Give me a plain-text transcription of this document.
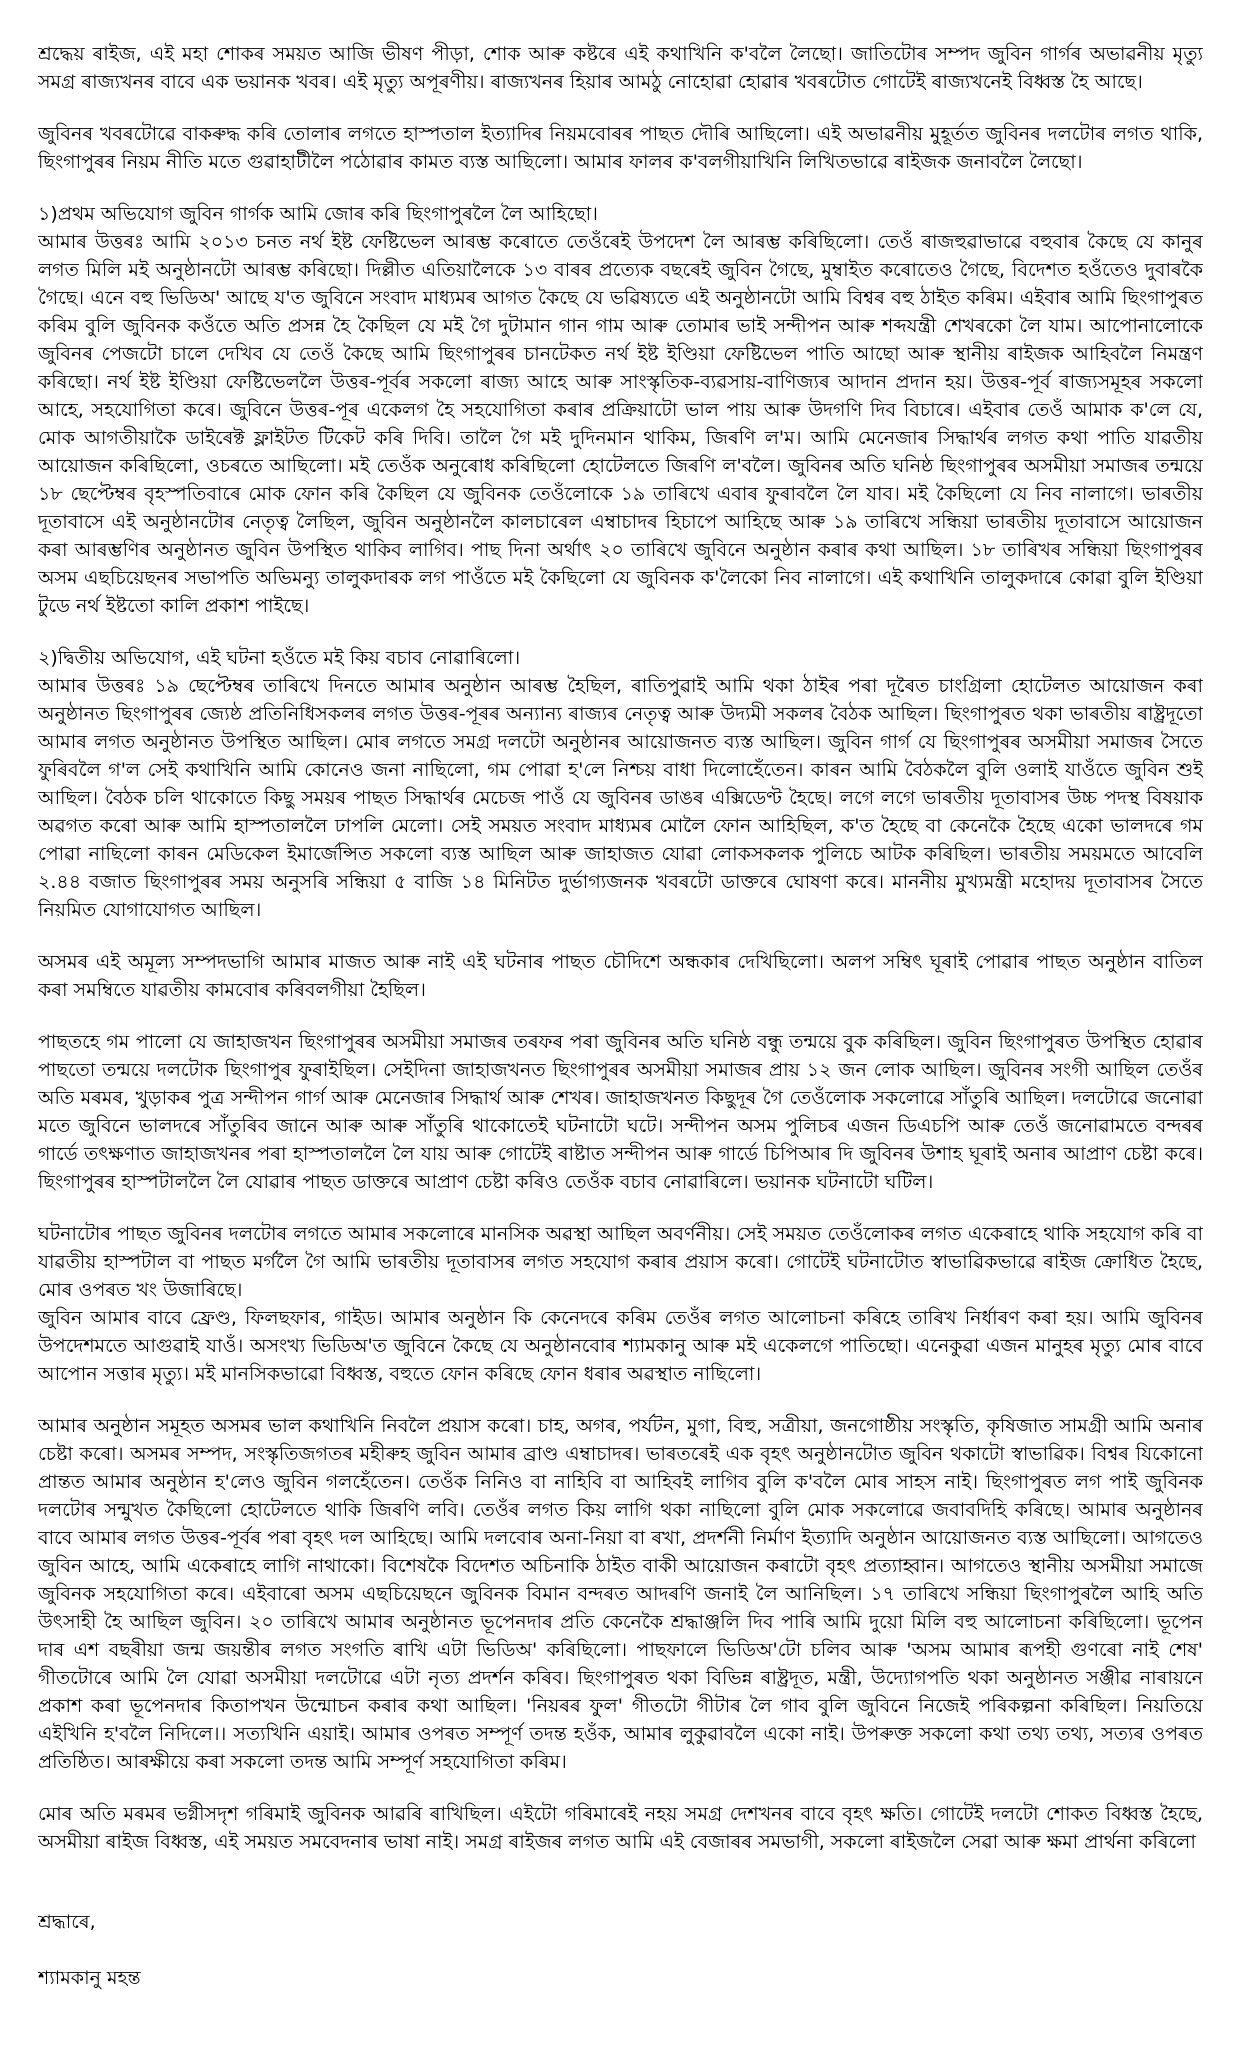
শ্ৰদ্ধেয় ৰাইজ, এই মহা শোকৰ সময়ত আজি ভীষণ পীড়া, শোক আৰু কষ্টৰে এই কথাখিনি ক'বলৈ লৈছো। জাতিটোৰ সম্পদ জুবিন গাৰ্গৰ অভাৱনীয় মৃত্যু সমগ্ৰ ৰাজ্যখনৰ বাবে এক ভয়ানক খবৰ। এই মৃত্যু অপূৰণীয়। ৰাজ্যখনৰ হিয়াৰ আমঠু নোহোৱা হোৱাৰ খবৰটোত গোটেই ৰাজ্যখনেই বিধ্বস্ত হৈ আছে।

জুবিনৰ খবৰটোৱে বাকৰুদ্ধ কৰি তোলাৰ লগতে হাস্পতাল ইত্যাদিৰ নিয়মবোৰৰ পাছত দৌৰি আছিলো। এই অভাৱনীয় মুহূৰ্তত জুবিনৰ দলটোৰ লগত থাকি, ছিংগাপুৰৰ নিয়ম নীতি মতে গুৱাহাটীলৈ পঠোৱাৰ কামত ব্যস্ত আছিলো। আমাৰ ফালৰ ক'বলগীয়াখিনি লিখিতভাৱে ৰাইজক জনাবলৈ লৈছো।

১)প্ৰথম অভিযোগ জুবিন গাৰ্গক আমি জোৰ কৰি ছিংগাপুৰলৈ লৈ আহিছো।
আমাৰ উত্তৰঃ আমি ২০১৩ চনত নৰ্থ ইষ্ট ফেষ্টিভেল আৰম্ভ কৰোতে তেওঁৰেই উপদেশ লৈ আৰম্ভ কৰিছিলো। তেওঁ ৰাজহুৱাভাৱে বহুবাৰ কৈছে যে কানুৰ লগত মিলি মই অনুষ্ঠানটো আৰম্ভ কৰিছো। দিল্লীত এতিয়ালৈকে ১৩ বাৰৰ প্ৰত্যেক বছৰেই জুবিন গৈছে, মুম্বাইত কৰোতেও গৈছে, বিদেশত হওঁতেও দুবাৰকৈ গৈছে। এনে বহু ভিডিঅ' আছে য'ত জুবিনে সংবাদ মাধ্যমৰ আগত কৈছে যে ভৱিষ্যতে এই অনুষ্ঠানটো আমি বিশ্বৰ বহু ঠাইত কৰিম। এইবাৰ আমি ছিংগাপুৰত কৰিম বুলি জুবিনক কওঁতে অতি প্ৰসন্ন হৈ কৈছিল যে মই গৈ দুটামান গান গাম আৰু তোমাৰ ভাই সন্দীপন আৰু শব্দযন্ত্ৰী শেখৰকো লৈ যাম। আপোনালোকে জুবিনৰ পেজটো চালে দেখিব যে তেওঁ কৈছে আমি ছিংগাপুৰৰ চানটেকত নৰ্থ ইষ্ট ইণ্ডিয়া ফেষ্টিভেল পাতি আছো আৰু স্থানীয় ৰাইজক আহিবলৈ নিমন্ত্ৰণ কৰিছো। নৰ্থ ইষ্ট ইণ্ডিয়া ফেষ্টিভেললৈ উত্তৰ-পূৰ্বৰ সকলো ৰাজ্য আহে আৰু সাংস্কৃতিক-ব্যৱসায়-বাণিজ্যৰ আদান প্ৰদান হয়। উত্তৰ-পূৰ্ব ৰাজ্যসমূহৰ সকলো আহে, সহযোগিতা কৰে। জুবিনে উত্তৰ-পূৰ একেলগ হৈ সহযোগিতা কৰাৰ প্ৰক্ৰিয়াটো ভাল পায় আৰু উদগণি দিব বিচাৰে। এইবাৰ তেওঁ আমাক ক'লে যে, মোক আগতীয়াকৈ ডাইৰেক্ট ফ্লাইটত টিকেট কৰি দিবি। তালৈ গৈ মই দুদিনমান থাকিম, জিৰণি ল'ম। আমি মেনেজাৰ সিদ্ধাৰ্থৰ লগত কথা পাতি যাৱতীয় আয়োজন কৰিছিলো, ওচৰতে আছিলো। মই তেওঁক অনুৰোধ কৰিছিলো হোটেলতে জিৰণি ল'বলৈ। জুবিনৰ অতি ঘনিষ্ঠ ছিংগাপুৰৰ অসমীয়া সমাজৰ তন্ময়ে ১৮ ছেপ্টেম্বৰ বৃহস্পতিবাৰে মোক ফোন কৰি কৈছিল যে জুবিনক তেওঁলোকে ১৯ তাৰিখে এবাৰ ফুৰাবলৈ লৈ যাব। মই কৈছিলো যে নিব নালাগে। ভাৰতীয় দূতাবাসে এই অনুষ্ঠানটোৰ নেতৃত্ব লৈছিল, জুবিন অনুষ্ঠানলৈ কালচাৰেল এম্বাচাদৰ হিচাপে আহিছে আৰু ১৯ তাৰিখে সন্ধিয়া ভাৰতীয় দূতাবাসে আয়োজন কৰা আৰম্ভণিৰ অনুষ্ঠানত জুবিন উপস্থিত থাকিব লাগিব। পাছ দিনা অৰ্থাৎ ২০ তাৰিখে জুবিনে অনুষ্ঠান কৰাৰ কথা আছিল। ১৮ তাৰিখৰ সন্ধিয়া ছিংগাপুৰৰ অসম এছচিয়েছনৰ সভাপতি অভিমন্যু তালুকদাৰক লগ পাওঁতে মই কৈছিলো যে জুবিনক ক'লৈকো নিব নালাগে। এই কথাখিনি তালুকদাৰে কোৱা বুলি ইণ্ডিয়া টুডে নৰ্থ ইষ্টতো কালি প্ৰকাশ পাইছে।

২)দ্বিতীয় অভিযোগ, এই ঘটনা হওঁতে মই কিয় বচাব নোৱাৰিলো।
আমাৰ উত্তৰঃ ১৯ ছেপ্টেম্বৰ তাৰিখে দিনতে আমাৰ অনুষ্ঠান আৰম্ভ হৈছিল, ৰাতিপুৱাই আমি থকা ঠাইৰ পৰা দূৰৈত চাংগ্ৰিলা হোটেলত আয়োজন কৰা অনুষ্ঠানত ছিংগাপুৰৰ জ্যেষ্ঠ প্ৰতিনিধিসকলৰ লগত উত্তৰ-পূৰৰ অন্যান্য ৰাজ্যৰ নেতৃত্ব আৰু উদ্যমী সকলৰ বৈঠক আছিল। ছিংগাপুৰত থকা ভাৰতীয় ৰাষ্ট্ৰদূতো আমাৰ লগত অনুষ্ঠানত উপস্থিত আছিল। মোৰ লগতে সমগ্ৰ দলটো অনুষ্ঠানৰ আয়োজনত ব্যস্ত আছিল। জুবিন গাৰ্গ যে ছিংগাপুৰৰ অসমীয়া সমাজৰ সৈতে ফুৰিবলৈ গ'ল সেই কথাখিনি আমি কোনেও জনা নাছিলো, গম পোৱা হ'লে নিশ্চয় বাধা দিলোহেঁতেন। কাৰন আমি বৈঠকলৈ বুলি ওলাই যাওঁতে জুবিন শুই আছিল। বৈঠক চলি থাকোতে কিছু সময়ৰ পাছত সিদ্ধাৰ্থৰ মেচেজ পাওঁ যে জুবিনৰ ডাঙৰ এক্সিডেণ্ট হৈছে। লগে লগে ভাৰতীয় দূতাবাসৰ উচ্চ পদস্থ বিষয়াক অৱগত কৰো আৰু আমি হাস্পতাললৈ ঢাপলি মেলো। সেই সময়ত সংবাদ মাধ্যমৰ মোলৈ ফোন আহিছিল, ক'ত হৈছে বা কেনেকৈ হৈছে একো ভালদৰে গম পোৱা নাছিলো কাৰন মেডিকেল ইমাৰ্জেন্সিত সকলো ব্যস্ত আছিল আৰু জাহাজত যোৱা লোকসকলক পুলিচে আটক কৰিছিল। ভাৰতীয় সময়মতে আবেলি ২.৪৪ বজাত ছিংগাপুৰৰ সময় অনুসৰি সন্ধিয়া ৫ বাজি ১৪ মিনিটত দুৰ্ভাগ্যজনক খবৰটো ডাক্তৰে ঘোষণা কৰে। মাননীয় মুখ্যমন্ত্ৰী মহোদয় দূতাবাসৰ সৈতে নিয়মিত যোগাযোগত আছিল।

অসমৰ এই অমূল্য সম্পদভাগি আমাৰ মাজত আৰু নাই এই ঘটনাৰ পাছত চৌদিশে অন্ধকাৰ দেখিছিলো। অলপ সম্বিৎ ঘূৰাই পোৱাৰ পাছত অনুষ্ঠান বাতিল কৰা সমম্বিতে যাৱতীয় কামবোৰ কৰিবলগীয়া হৈছিল।

পাছতহে গম পালো যে জাহাজখন ছিংগাপুৰৰ অসমীয়া সমাজৰ তৰফৰ পৰা জুবিনৰ অতি ঘনিষ্ঠ বন্ধু তন্ময়ে বুক কৰিছিল। জুবিন ছিংগাপুৰত উপস্থিত হোৱাৰ পাছতো তন্ময়ে দলটোক ছিংগাপুৰ ফুৰাইছিল। সেইদিনা জাহাজখনত ছিংগাপুৰৰ অসমীয়া সমাজৰ প্ৰায় ১২ জন লোক আছিল। জুবিনৰ সংগী আছিল তেওঁৰ অতি মৰমৰ, খুড়াকৰ পুত্ৰ সন্দীপন গাৰ্গ আৰু মেনেজাৰ সিদ্ধাৰ্থ আৰু শেখৰ। জাহাজখনত কিছুদূৰ গৈ তেওঁলোক সকলোৱে সাঁতুৰি আছিল। দলটোৱে জনোৱা মতে জুবিনে ভালদৰে সাঁতুৰিব জানে আৰু আৰু সাঁতুৰি থাকোতেই ঘটনাটো ঘটে। সন্দীপন অসম পুলিচৰ এজন ডিএচপি আৰু তেওঁ জনোৱামতে বন্দৰৰ গাৰ্ডে তৎক্ষণাত জাহাজখনৰ পৰা হাস্পতাললৈ লৈ যায় আৰু গোটেই ৰাষ্টাত সন্দীপন আৰু গাৰ্ডে চিপিআৰ দি জুবিনৰ উশাহ ঘূৰাই অনাৰ আপ্ৰাণ চেষ্টা কৰে। ছিংগাপুৰৰ হাস্পটাললৈ লৈ যোৱাৰ পাছত ডাক্তৰে আপ্ৰাণ চেষ্টা কৰিও তেওঁক বচাব নোৱাৰিলে। ভয়ানক ঘটনাটো ঘটিল।

ঘটনাটোৰ পাছত জুবিনৰ দলটোৰ লগতে আমাৰ সকলোৰে মানসিক অৱস্থা আছিল অবৰ্ণনীয়। সেই সময়ত তেওঁলোকৰ লগত একেৰাহে থাকি সহযোগ কৰি বা যাৱতীয় হাস্পটাল বা পাছত মৰ্গলৈ গৈ আমি ভাৰতীয় দূতাবাসৰ লগত সহযোগ কৰাৰ প্ৰয়াস কৰো। গোটেই ঘটনাটোত স্বাভাৱিকভাৱে ৰাইজ ক্ৰোধিত হৈছে, মোৰ ওপৰত খং উজাৰিছে।
জুবিন আমাৰ বাবে ফ্ৰেণ্ড, ফিলছফাৰ, গাইড। আমাৰ অনুষ্ঠান কি কেনেদৰে কৰিম তেওঁৰ লগত আলোচনা কৰিহে তাৰিখ নিৰ্ধাৰণ কৰা হয়। আমি জুবিনৰ উপদেশমতে আগুৱাই যাওঁ। অসংখ্য ভিডিঅ'ত জুবিনে কৈছে যে অনুষ্ঠানবোৰ শ্যামকানু আৰু মই একেলগে পাতিছো। এনেকুৱা এজন মানুহৰ মৃত্যু মোৰ বাবে আপোন সত্তাৰ মৃত্যু। মই মানসিকভাৱো বিধ্বস্ত, বহুতে ফোন কৰিছে ফোন ধৰাৰ অৱস্থাত নাছিলো।

আমাৰ অনুষ্ঠান সমূহত অসমৰ ভাল কথাখিনি নিবলৈ প্ৰয়াস কৰো। চাহ, অগৰ, পৰ্যটন, মুগা, বিহু, সত্ৰীয়া, জনগোষ্ঠীয় সংস্কৃতি, কৃষিজাত সামগ্ৰী আমি অনাৰ চেষ্টা কৰো। অসমৰ সম্পদ, সংস্কৃতিজগতৰ মহীৰুহ জুবিন আমাৰ ব্ৰাণ্ড এম্বাচাদৰ। ভাৰতৰেই এক বৃহৎ অনুষ্ঠানটোত জুবিন থকাটো স্বাভাৱিক। বিশ্বৰ যিকোনো প্ৰান্তত আমাৰ অনুষ্ঠান হ'লেও জুবিন গলহেঁতেন। তেওঁক নিনিও বা নাহিবি বা আহিবই লাগিব বুলি ক'বলৈ মোৰ সাহস নাই। ছিংগাপুৰত লগ পাই জুবিনক দলটোৰ সন্মুখত কৈছিলো হোটেলতে থাকি জিৰণি লবি। তেওঁৰ লগত কিয় লাগি থকা নাছিলো বুলি মোক সকলোৱে জবাবদিহি কৰিছে। আমাৰ অনুষ্ঠানৰ বাবে আমাৰ লগত উত্তৰ-পূৰ্বৰ পৰা বৃহৎ দল আহিছে। আমি দলবোৰ অনা-নিয়া বা ৰখা, প্ৰদৰ্শনী নিৰ্মাণ ইত্যাদি অনুষ্ঠান আয়োজনত ব্যস্ত আছিলো। আগতেও জুবিন আহে, আমি একেৰাহে লাগি নাথাকো। বিশেষকৈ বিদেশত অচিনাকি ঠাইত বাকী আয়োজন কৰাটো বৃহৎ প্ৰত্যাহ্বান। আগতেও স্থানীয় অসমীয়া সমাজে জুবিনক সহযোগিতা কৰে। এইবাৰো অসম এছচিয়েছনে জুবিনক বিমান বন্দৰত আদৰণি জনাই লৈ আনিছিল। ১৭ তাৰিখে সন্ধিয়া ছিংগাপুৰলৈ আহি অতি উৎসাহী হৈ আছিল জুবিন। ২০ তাৰিখে আমাৰ অনুষ্ঠানত ভূপেনদাৰ প্ৰতি কেনেকৈ শ্ৰদ্ধাঞ্জলি দিব পাৰি আমি দুয়ো মিলি বহু আলোচনা কৰিছিলো। ভূপেন দাৰ এশ বছৰীয়া জন্ম জয়ন্তীৰ লগত সংগতি ৰাখি এটা ভিডিঅ' কৰিছিলো। পাছফালে ভিডিঅ'টো চলিব আৰু 'অসম আমাৰ ৰূপহী গুণৰো নাই শেষ' গীতটোৰে আমি লৈ যোৱা অসমীয়া দলটোৱে এটা নৃত্য প্ৰদৰ্শন কৰিব। ছিংগাপুৰত থকা বিভিন্ন ৰাষ্ট্ৰদূত, মন্ত্ৰী, উদ্যোগপতি থকা অনুষ্ঠানত সঞ্জীৱ নাৰায়নে প্ৰকাশ কৰা ভূপেনদাৰ কিতাপখন উন্মোচন কৰাৰ কথা আছিল। 'নিয়ৰৰ ফুল' গীতটো গীটাৰ লৈ গাব বুলি জুবিনে নিজেই পৰিকল্পনা কৰিছিল। নিয়তিয়ে এইখিনি হ'বলৈ নিদিলে।। সত্যখিনি এয়াই। আমাৰ ওপৰত সম্পূৰ্ণ তদন্ত হওঁক, আমাৰ লুকুৱাবলৈ একো নাই। উপৰুক্ত সকলো কথা তথ্য তথ্য, সত্যৰ ওপৰত প্ৰতিষ্ঠিত। আৰক্ষীয়ে কৰা সকলো তদন্ত আমি সম্পূৰ্ণ সহযোগিতা কৰিম।

মোৰ অতি মৰমৰ ভগ্নীসদৃশ গৰিমাই জুবিনক আৱৰি ৰাখিছিল। এইটো গৰিমাৰেই নহয় সমগ্ৰ দেশখনৰ বাবে বৃহৎ ক্ষতি। গোটেই দলটো শোকত বিধ্বস্ত হৈছে, অসমীয়া ৰাইজ বিধ্বস্ত, এই সময়ত সমবেদনাৰ ভাষা নাই। সমগ্ৰ ৰাইজৰ লগত আমি এই বেজাৰৰ সমভাগী, সকলো ৰাইজলৈ সেৱা আৰু ক্ষমা প্ৰাৰ্থনা কৰিলো

শ্ৰদ্ধাৰে,

শ্যামকানু মহন্ত
